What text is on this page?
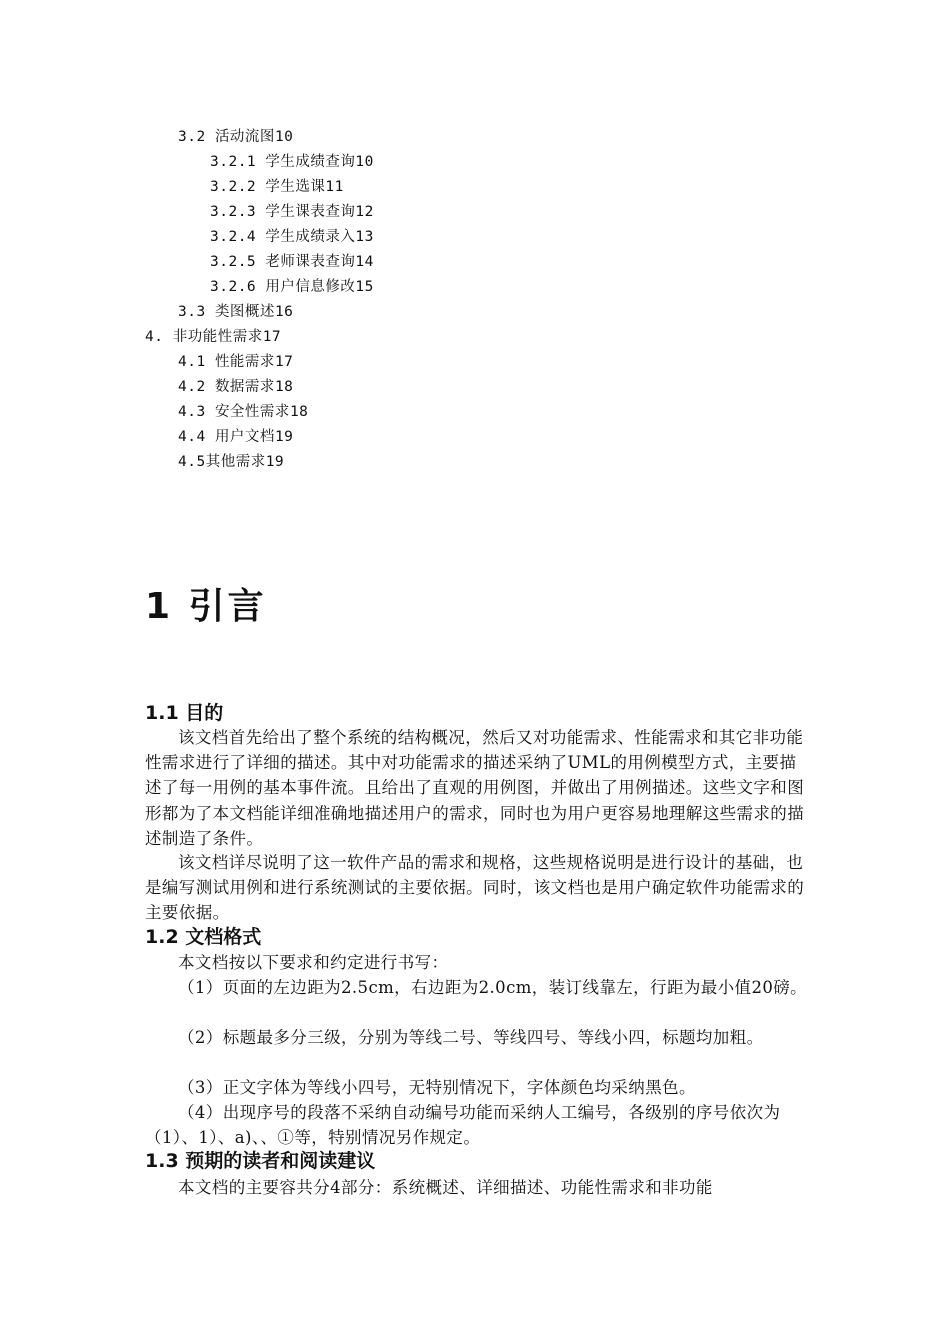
3.2 活动流图10
3.2.1 学生成绩查询10
3.2.2 学生选课11
3.2.3 学生课表查询12
3.2.4 学生成绩录入13
3.2.5 老师课表查询14
3.2.6 用户信息修改15
3.3 类图概述16
4. 非功能性需求17
4.1 性能需求17
4.2 数据需求18
4.3 安全性需求18
4.4 用户文档19
4.5其他需求19
1 引言
1.1 目的

该文档首先给出了整个系统的结构概况，然后又对功能需求、性能需求和其它非功能性需求进行了详细的描述。其中对功能需求的描述采纳了UML的用例模型方式，主要描述了每一用例的基本事件流。且给出了直观的用例图，并做出了用例描述。这些文字和图形都为了本文档能详细准确地描述用户的需求，同时也为用户更容易地理解这些需求的描述制造了条件。

该文档详尽说明了这一软件产品的需求和规格，这些规格说明是进行设计的基础，也是编写测试用例和进行系统测试的主要依据。同时，该文档也是用户确定软件功能需求的主要依据。

1.2 文档格式

本文档按以下要求和约定进行书写：

（1）页面的左边距为2.5cm，右边距为2.0cm，装订线靠左，行距为最小值20磅。

（2）标题最多分三级，分别为等线二号、等线四号、等线小四，标题均加粗。

（3）正文字体为等线小四号，无特别情况下，字体颜色均采纳黑色。

（4）出现序号的段落不采纳自动编号功能而采纳人工编号，各级别的序号依次为（1）、1）、a)、、①等，特别情况另作规定。

1.3 预期的读者和阅读建议

本文档的主要容共分4部分：系统概述、详细描述、功能性需求和非功能
